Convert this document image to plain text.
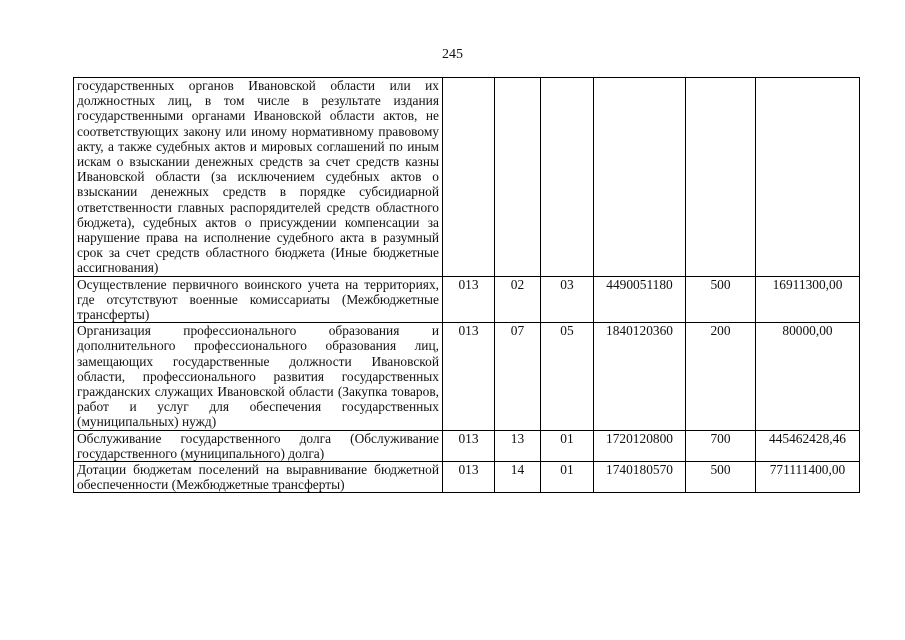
245
государственных органов Ивановской области или их должностных лиц, в том числе в результате издания государственными органами Ивановской области актов, не соответствующих закону или иному нормативному правовому акту, а также судебных актов и мировых соглашений по иным искам о взыскании денежных средств за счет средств казны Ивановской области (за исключением судебных актов о взыскании денежных средств в порядке субсидиарной ответственности главных распорядителей средств областного бюджета), судебных актов о присуждении компенсации за нарушение права на исполнение судебного акта в разумный срок за счет средств областного бюджета (Иные бюджетные ассигнования)						
Осуществление первичного воинского учета на территориях, где отсутствуют военные комиссариаты (Межбюджетные трансферты)	013	02	03	4490051180	500	16911300,00
Организация профессионального образования и дополнительного профессионального образования лиц, замещающих государственные должности Ивановской области, профессионального развития государственных гражданских служащих Ивановской области (Закупка товаров, работ и услуг для обеспечения государственных (муниципальных) нужд)	013	07	05	1840120360	200	80000,00
Обслуживание государственного долга (Обслуживание государственного (муниципального) долга)	013	13	01	1720120800	700	445462428,46
Дотации бюджетам поселений на выравнивание бюджетной обеспеченности (Межбюджетные трансферты)	013	14	01	1740180570	500	771111400,00
